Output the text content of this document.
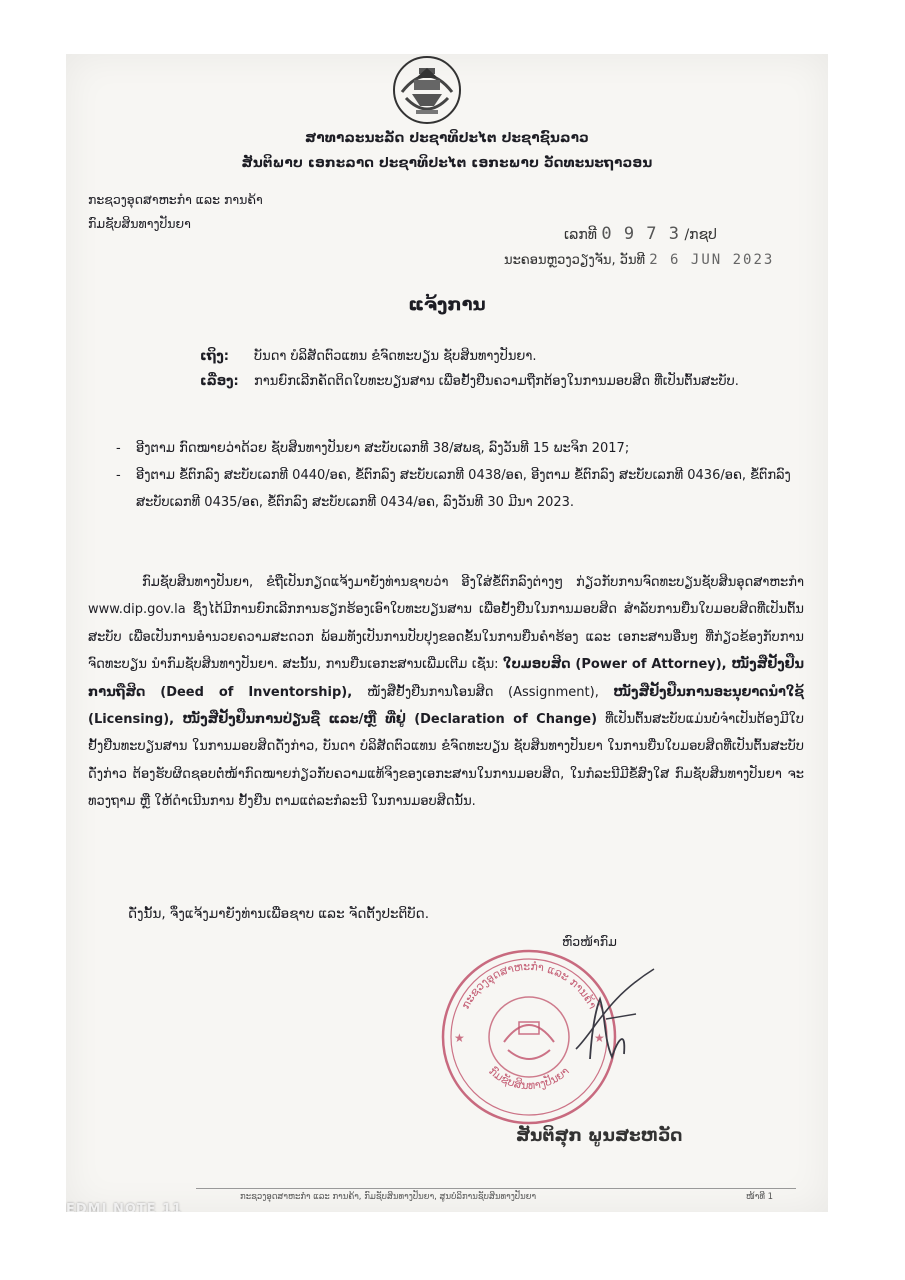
ສາທາລະນະລັດ ປະຊາທິປະໄຕ ປະຊາຊົນລາວ
ສັນຕິພາບ ເອກະລາດ ປະຊາທິປະໄຕ ເອກະພາບ ວັດທະນະຖາວອນ
ກະຊວງອຸດສາຫະກຳ ແລະ ການຄ້າ
ກົມຊັບສິນທາງປັນຍາ
ເລກທີ 0 9 7 3 /ກຊປ
ນະຄອນຫຼວງວຽງຈັນ, ວັນທີ 2 6 JUN 2023
ແຈ້ງການ
ເຖິງ:	ບັນດາ ບໍລິສັດຕົວແທນ ຂໍຈົດທະບຽນ ຊັບສິນທາງປັນຍາ.
ເລື່ອງ:	ການຍົກເລີກຄັດຕິດໃບທະບຽນສານ ເພື່ອຢັ້ງຢືນຄວາມຖືກຕ້ອງໃນການມອບສິດ ທີ່ເປັນຕົ້ນສະບັບ.
-	ອີງຕາມ ກົດໝາຍວ່າດ້ວຍ ຊັບສິນທາງປັນຍາ ສະບັບເລກທີ 38/ສພຊ, ລົງວັນທີ 15 ພະຈິກ 2017;
-	ອີງຕາມ ຂໍ້ຕົກລົງ ສະບັບເລກທີ 0440/ອຄ, ຂໍ້ຕົກລົງ ສະບັບເລກທີ 0438/ອຄ, ອີງຕາມ ຂໍ້ຕົກລົງ ສະບັບເລກທີ 0436/ອຄ, ຂໍ້ຕົກລົງ ສະບັບເລກທີ 0435/ອຄ, ຂໍ້ຕົກລົງ ສະບັບເລກທີ 0434/ອຄ, ລົງວັນທີ 30 ມີນາ 2023.
ກົມຊັບສິນທາງປັນຍາ, ຂໍຖືເປັນກຽດແຈ້ງມາຍັງທ່ານຊາບວ່າ ອີງໃສ່ຂໍ້ຕົກລົງຕ່າງໆ ກ່ຽວກັບການຈົດທະບຽນຊັບສິນອຸດສາຫະກຳ www.dip.gov.la ຊຶ່ງໄດ້ມີການຍົກເລີກການຮຽກຮ້ອງເອົາໃບທະບຽນສານ ເພື່ອຢັ້ງຢືນໃນການມອບສິດ ສຳລັບການຍື່ນໃບມອບສິດທີ່ເປັນຕົ້ນສະບັບ ເພື່ອເປັນການອຳນວຍຄວາມສະດວກ ພ້ອມທັງເປັນການປັບປຸງຂອດຂັ້ນໃນການຍື່ນຄຳຮ້ອງ ແລະ ເອກະສານອື່ນໆ ທີ່ກ່ຽວຂ້ອງກັບການຈົດທະບຽນ ນຳກົມຊັບສິນທາງປັນຍາ. ສະນັ້ນ, ການຍື່ນເອກະສານເພີ່ມເຕີມ ເຊັ່ນ: ໃບມອບສິດ (Power of Attorney), ໜັງສືຢັ້ງຢືນການຖືສິດ (Deed of Inventorship), ໜັງສືຢັ້ງຢືນການໂອນສິດ (Assignment), ໜັງສືຢັ້ງຢືນການອະນຸຍາດນຳໃຊ້ (Licensing), ໜັງສືຢັ້ງຢືນການປ່ຽນຊື່ ແລະ/ຫຼື ທີ່ຢູ່ (Declaration of Change) ທີ່ເປັນຕົ້ນສະບັບແມ່ນບໍ່ຈຳເປັນຕ້ອງມີໃບຢັ້ງຢືນທະບຽນສານ ໃນການມອບສິດດັ່ງກ່າວ, ບັນດາ ບໍລິສັດຕົວແທນ ຂໍຈົດທະບຽນ ຊັບສິນທາງປັນຍາ ໃນການຍື່ນໃບມອບສິດທີ່ເປັນຕົ້ນສະບັບດັ່ງກ່າວ ຕ້ອງຮັບຜິດຊອບຕໍ່ໜ້າກົດໝາຍກ່ຽວກັບຄວາມແທ້ຈິງຂອງເອກະສານໃນການມອບສິດ, ໃນກໍລະນີມີຂໍ້ສົງໃສ ກົມຊັບສິນທາງປັນຍາ ຈະທວງຖາມ ຫຼື ໃຫ້ດຳເນີນການ ຢັ້ງຢືນ ຕາມແຕ່ລະກໍລະນີ ໃນການມອບສິດນັ້ນ.
ດັ່ງນັ້ນ, ຈຶ່ງແຈ້ງມາຍັງທ່ານເພື່ອຊາບ ແລະ ຈັດຕັ້ງປະຕິບັດ.
ຫົວໜ້າກົມ
ກະຊວງອຸດສາຫະກຳ ແລະ ການຄ້າ
ກົມຊັບສິນທາງປັນຍາ
★	★
ສັນຕິສຸກ ພູນສະຫວັດ
ກະຊວງອຸດສາຫະກຳ ແລະ ການຄ້າ, ກົມຊັບສິນທາງປັນຍາ, ສູນບໍລິການຊັບສິນທາງປັນຍາ	ໜ້າທີ 1
EDMI NOTE 11
